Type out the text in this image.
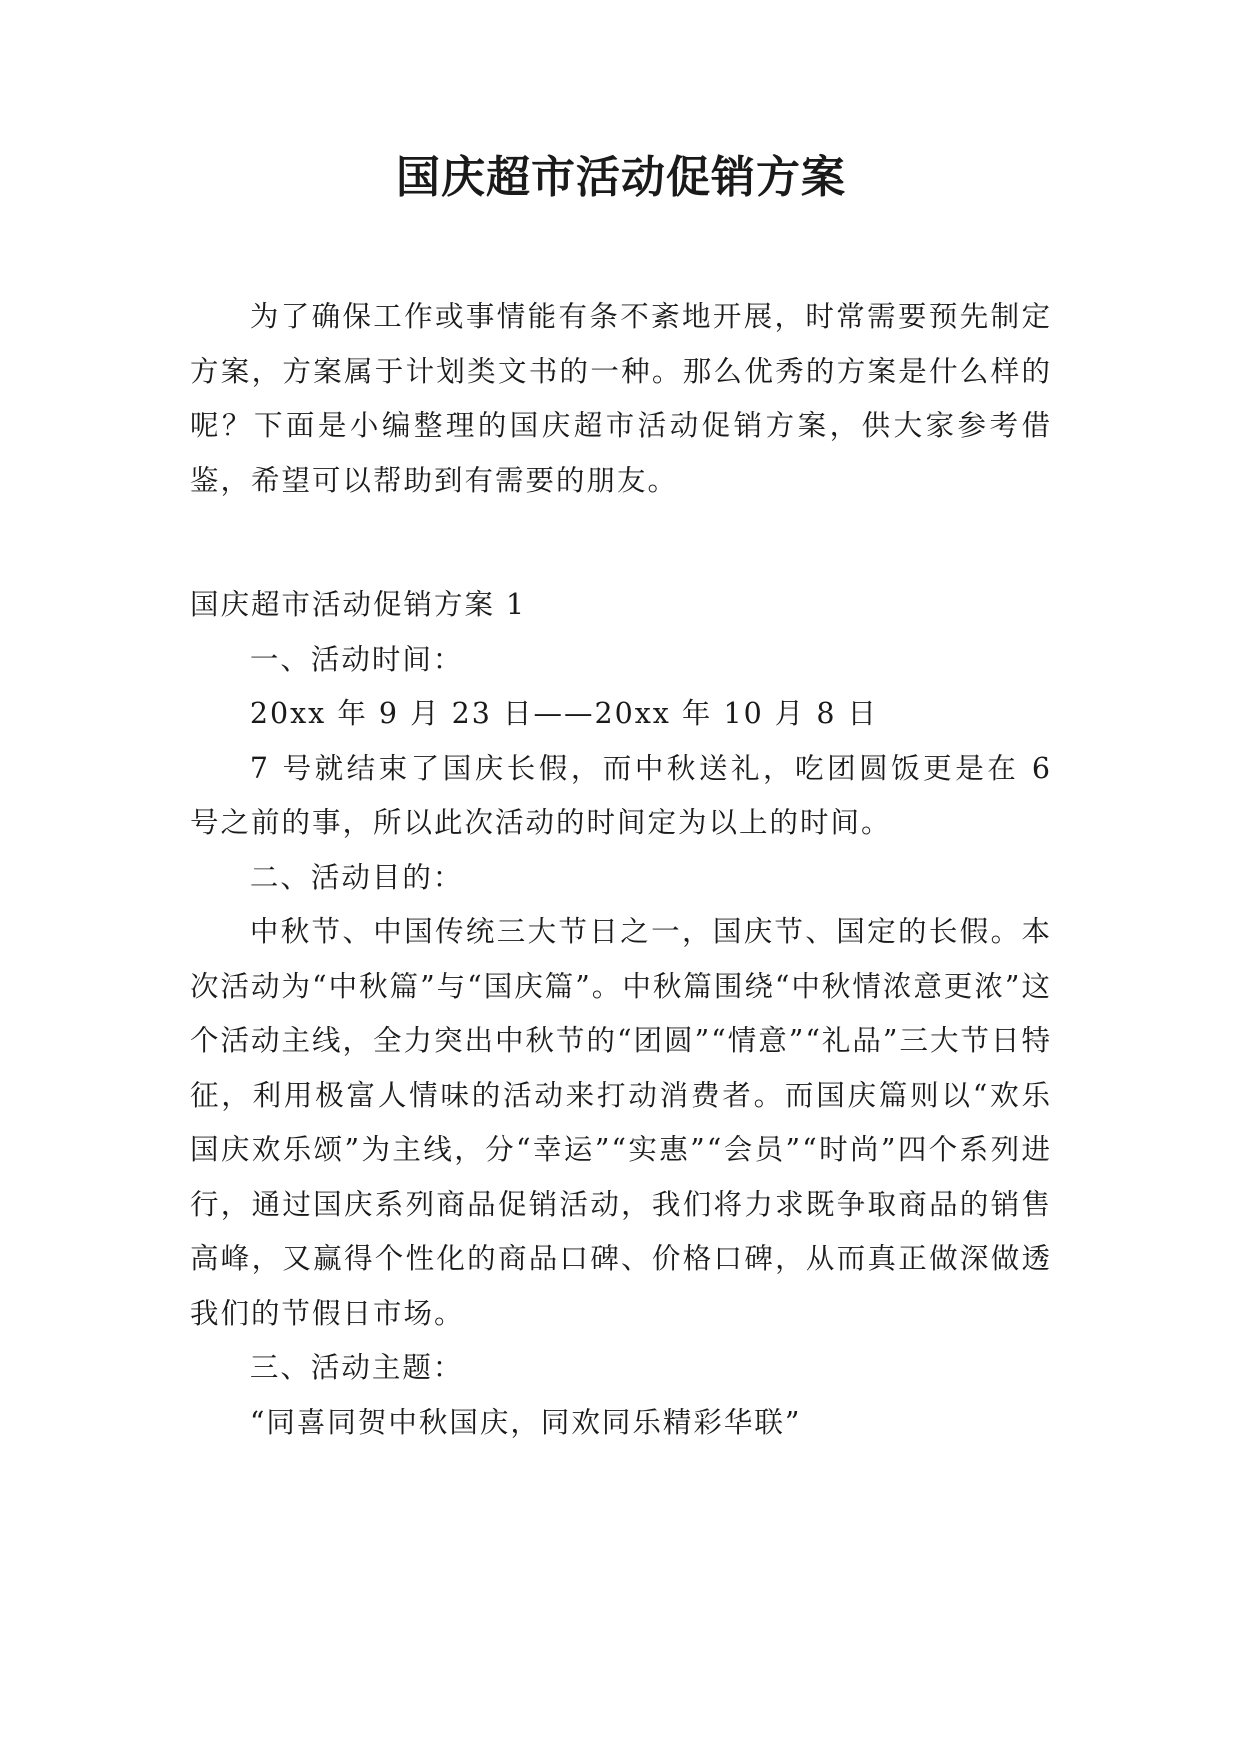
国庆超市活动促销方案

为了确保工作或事情能有条不紊地开展，时常需要预先制定方案，方案属于计划类文书的一种。那么优秀的方案是什么样的呢？下面是小编整理的国庆超市活动促销方案，供大家参考借鉴，希望可以帮助到有需要的朋友。

国庆超市活动促销方案 1

一、活动时间：

20xx 年 9 月 23 日——20xx 年 10 月 8 日

7 号就结束了国庆长假，而中秋送礼，吃团圆饭更是在 6 号之前的事，所以此次活动的时间定为以上的时间。

二、活动目的：

中秋节、中国传统三大节日之一，国庆节、国定的长假。本次活动为“中秋篇”与“国庆篇”。中秋篇围绕“中秋情浓意更浓”这个活动主线，全力突出中秋节的“团圆”“情意”“礼品”三大节日特征，利用极富人情味的活动来打动消费者。而国庆篇则以“欢乐国庆欢乐颂”为主线，分“幸运”“实惠”“会员”“时尚”四个系列进行，通过国庆系列商品促销活动，我们将力求既争取商品的销售高峰，又赢得个性化的商品口碑、价格口碑，从而真正做深做透我们的节假日市场。

三、活动主题：

“同喜同贺中秋国庆，同欢同乐精彩华联”
